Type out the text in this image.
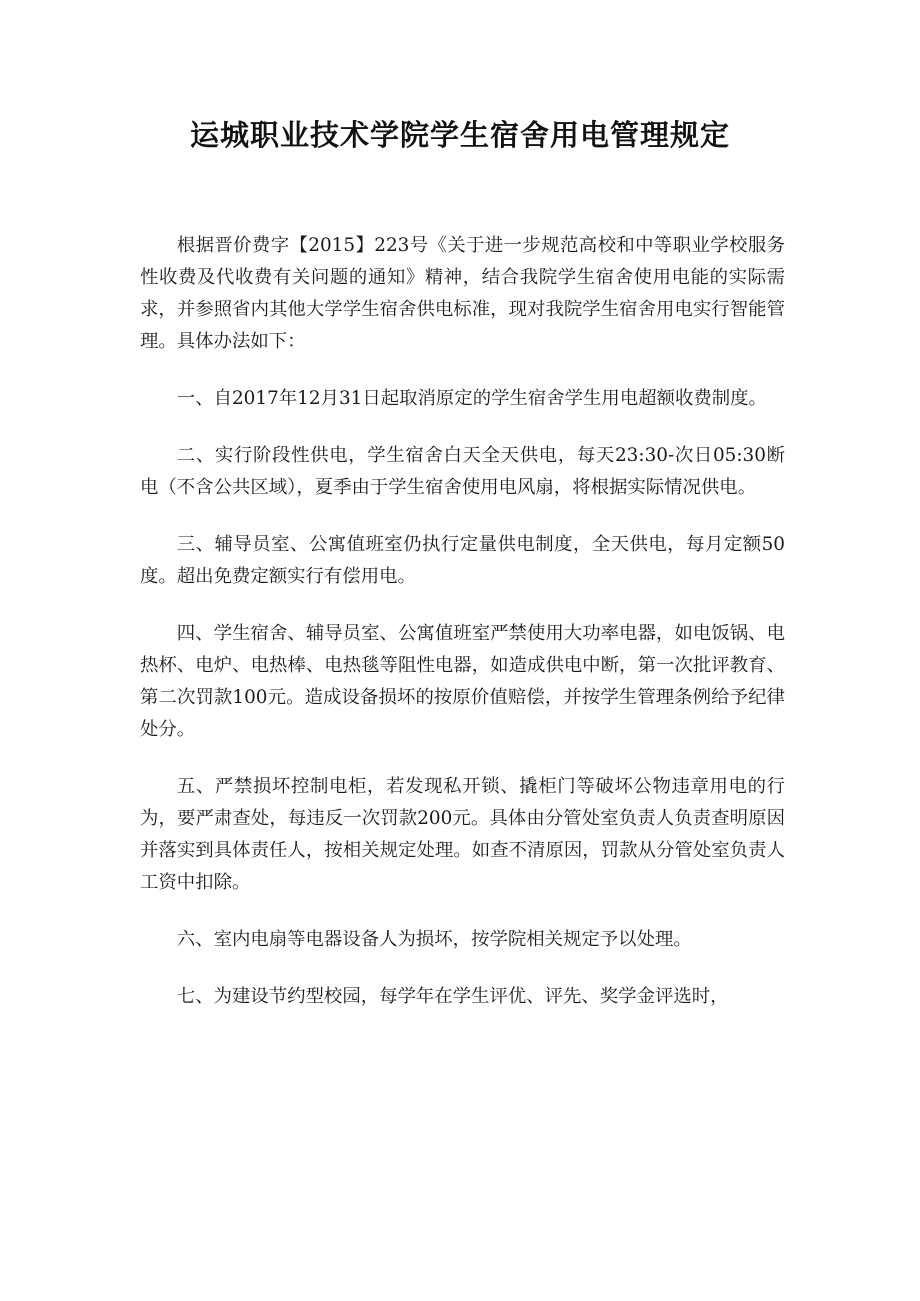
运城职业技术学院学生宿舍用电管理规定

根据晋价费字【2015】223号《关于进一步规范高校和中等职业学校服务性收费及代收费有关问题的通知》精神，结合我院学生宿舍使用电能的实际需求，并参照省内其他大学学生宿舍供电标准，现对我院学生宿舍用电实行智能管理。具体办法如下：

一、自2017年12月31日起取消原定的学生宿舍学生用电超额收费制度。

二、实行阶段性供电，学生宿舍白天全天供电，每天23:30-次日05:30断电（不含公共区域），夏季由于学生宿舍使用电风扇，将根据实际情况供电。

三、辅导员室、公寓值班室仍执行定量供电制度，全天供电，每月定额50度。超出免费定额实行有偿用电。

四、学生宿舍、辅导员室、公寓值班室严禁使用大功率电器，如电饭锅、电热杯、电炉、电热棒、电热毯等阻性电器，如造成供电中断，第一次批评教育、第二次罚款100元。造成设备损坏的按原价值赔偿，并按学生管理条例给予纪律处分。

五、严禁损坏控制电柜，若发现私开锁、撬柜门等破坏公物违章用电的行为，要严肃查处，每违反一次罚款200元。具体由分管处室负责人负责查明原因并落实到具体责任人，按相关规定处理。如查不清原因，罚款从分管处室负责人工资中扣除。

六、室内电扇等电器设备人为损坏，按学院相关规定予以处理。

七、为建设节约型校园，每学年在学生评优、评先、奖学金评选时，
